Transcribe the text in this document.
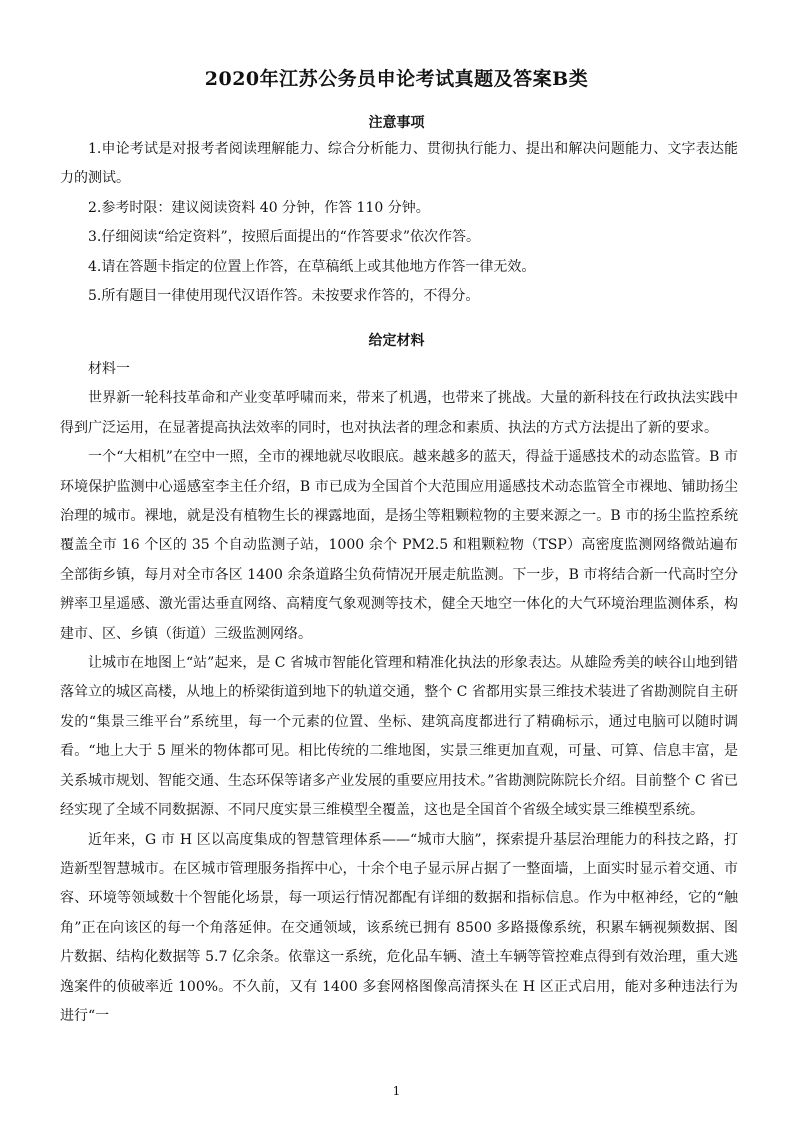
2020年江苏公务员申论考试真题及答案B类
注意事项

1.申论考试是对报考者阅读理解能力、综合分析能力、贯彻执行能力、提出和解决问题能力、文字表达能力的测试。

2.参考时限：建议阅读资料 40 分钟，作答 110 分钟。

3.仔细阅读“给定资料”，按照后面提出的“作答要求”依次作答。

4.请在答题卡指定的位置上作答，在草稿纸上或其他地方作答一律无效。

5.所有题目一律使用现代汉语作答。未按要求作答的，不得分。

给定材料

材料一

世界新一轮科技革命和产业变革呼啸而来，带来了机遇，也带来了挑战。大量的新科技在行政执法实践中得到广泛运用，在显著提高执法效率的同时，也对执法者的理念和素质、执法的方式方法提出了新的要求。

一个“大相机”在空中一照，全市的裸地就尽收眼底。越来越多的蓝天，得益于遥感技术的动态监管。B 市环境保护监测中心遥感室李主任介绍，B 市已成为全国首个大范围应用遥感技术动态监管全市裸地、铺助扬尘治理的城市。裸地，就是没有植物生长的裸露地面，是扬尘等粗颗粒物的主要来源之一。B 市的扬尘监控系统覆盖全市 16 个区的 35 个自动监测子站，1000 余个 PM2.5 和粗颗粒物（TSP）高密度监测网络微站遍布全部街乡镇，每月对全市各区 1400 余条道路尘负荷情况开展走航监测。下一步，B 市将结合新一代高时空分辨率卫星遥感、激光雷达垂直网络、高精度气象观测等技术，健全天地空一体化的大气环境治理监测体系，构建市、区、乡镇（街道）三级监测网络。

让城市在地图上“站”起来，是 C 省城市智能化管理和精准化执法的形象表达。从雄险秀美的峡谷山地到错落耸立的城区高楼，从地上的桥梁街道到地下的轨道交通，整个 C 省都用实景三维技术装进了省勘测院自主研发的“集景三维平台”系统里，每一个元素的位置、坐标、建筑高度都进行了精确标示，通过电脑可以随时调看。“地上大于 5 厘米的物体都可见。相比传统的二维地图，实景三维更加直观，可量、可算、信息丰富，是关系城市规划、智能交通、生态环保等诸多产业发展的重要应用技术。”省勘测院陈院长介绍。目前整个 C 省已经实现了全域不同数据源、不同尺度实景三维模型全覆盖，这也是全国首个省级全域实景三维模型系统。

近年来，G 市 H 区以高度集成的智慧管理体系——“城市大脑”，探索提升基层治理能力的科技之路，打造新型智慧城市。在区城市管理服务指挥中心，十余个电子显示屏占据了一整面墙，上面实时显示着交通、市容、环境等领域数十个智能化场景，每一项运行情况都配有详细的数据和指标信息。作为中枢神经，它的“触角”正在向该区的每一个角落延伸。在交通领域，该系统已拥有 8500 多路摄像系统，积累车辆视频数据、图片数据、结构化数据等 5.7 亿余条。依靠这一系统，危化品车辆、渣土车辆等管控难点得到有效治理，重大逃逸案件的侦破率近 100%。不久前，又有 1400 多套网格图像高清探头在 H 区正式启用，能对多种违法行为进行“一

1
